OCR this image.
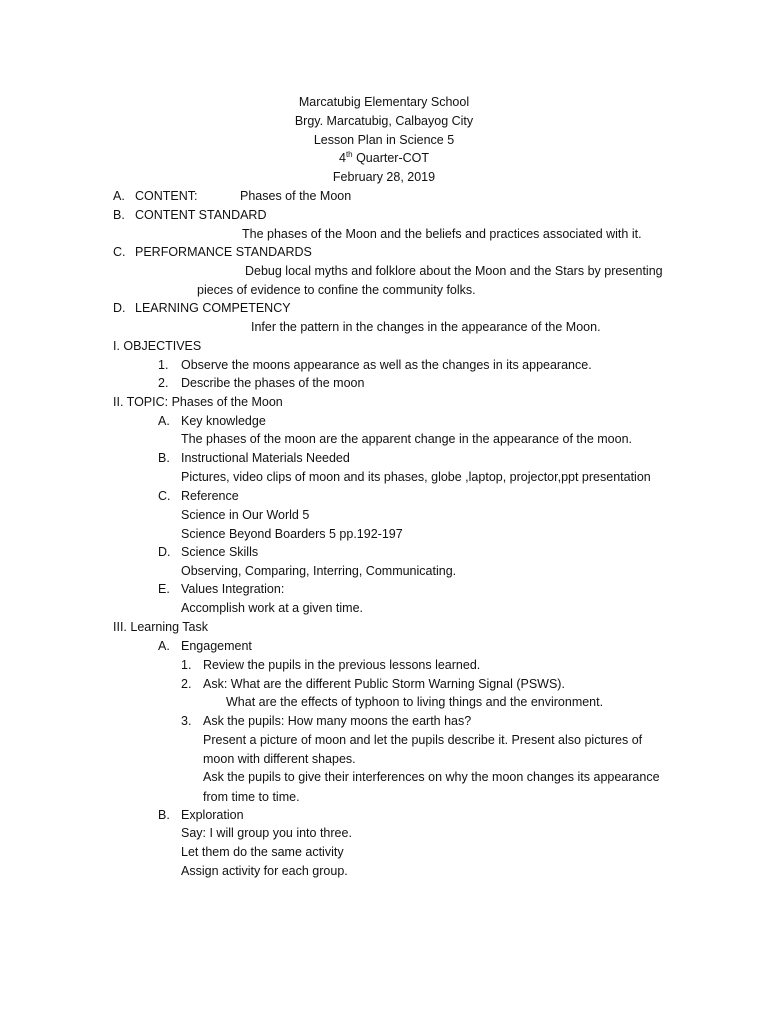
Marcatubig Elementary School
Brgy. Marcatubig, Calbayog City
Lesson Plan in Science 5
4th Quarter-COT
February 28, 2019
A. CONTENT:	Phases of the Moon
B. CONTENT STANDARD
The phases of the Moon and the beliefs and practices associated with it.
C. PERFORMANCE STANDARDS
Debug local myths and folklore about the Moon and the Stars by presenting
pieces of evidence to confine the community folks.
D. LEARNING COMPETENCY
Infer the pattern in the changes in the appearance of the Moon.
I. OBJECTIVES
1. Observe the moons appearance as well as the changes in its appearance.
2. Describe the phases of the moon
II. TOPIC: Phases of the Moon
A. Key knowledge
The phases of the moon are the apparent change in the appearance of the moon.
B. Instructional Materials Needed
Pictures, video clips of moon and its phases, globe ,laptop, projector,ppt presentation
C. Reference
Science in Our World 5
Science Beyond Boarders 5 pp.192-197
D. Science Skills
Observing, Comparing, Interring, Communicating.
E. Values Integration:
Accomplish work at a given time.
III. Learning Task
A. Engagement
1. Review the pupils in the previous lessons learned.
2. Ask: What are the different Public Storm Warning Signal (PSWS).
What are the effects of typhoon to living things and the environment.
3. Ask the pupils: How many moons the earth has?
Present a picture of moon and let the pupils describe it. Present also pictures of
moon with different shapes.
Ask the pupils to give their interferences on why the moon changes its appearance
from time to time.
B. Exploration
Say: I will group you into three.
Let them do the same activity
Assign activity for each group.
